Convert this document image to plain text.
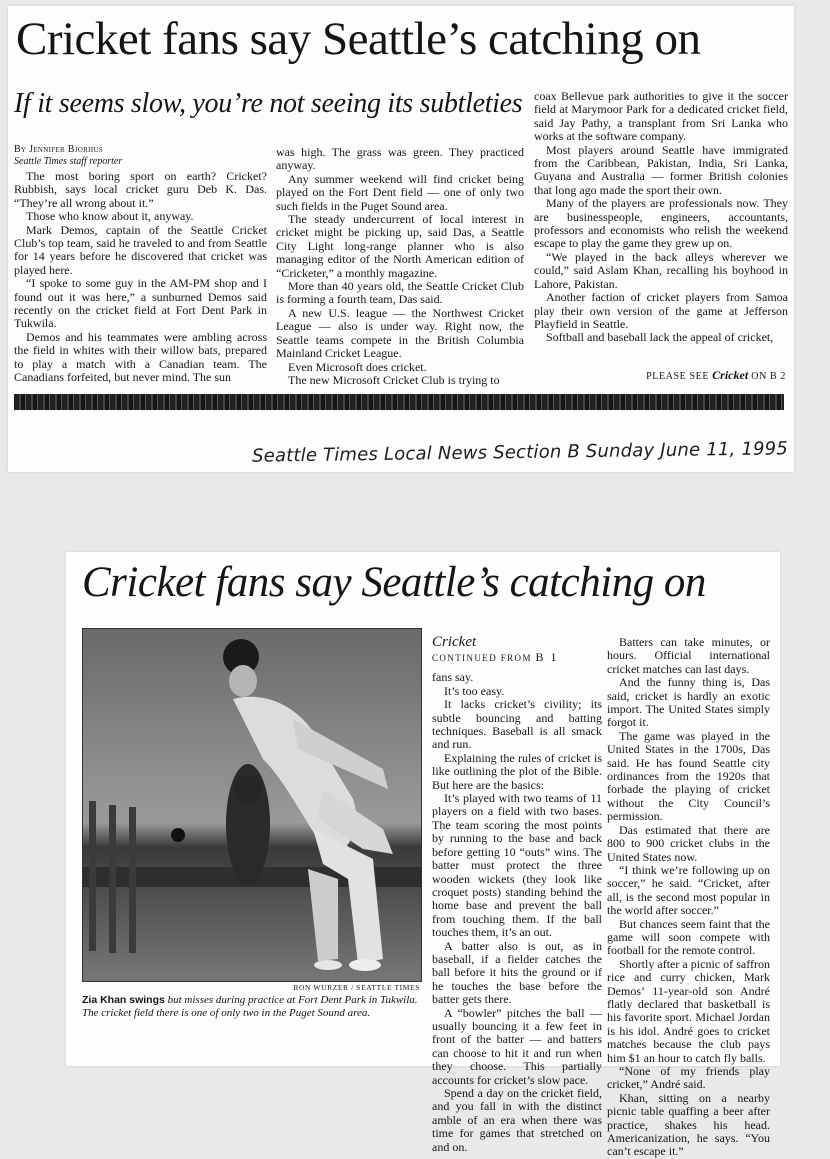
Cricket fans say Seattle’s catching on
If it seems slow, you’re not seeing its subtleties
By Jennifer Bjorhus
Seattle Times staff reporter

The most boring sport on earth? Cricket? Rubbish, says local cricket guru Deb K. Das. “They’re all wrong about it.”

Those who know about it, anyway.

Mark Demos, captain of the Seattle Cricket Club’s top team, said he traveled to and from Seattle for 14 years before he discovered that cricket was played here.

“I spoke to some guy in the AM-PM shop and I found out it was here,” a sunburned Demos said recently on the cricket field at Fort Dent Park in Tukwila.

Demos and his teammates were ambling across the field in whites with their willow bats, prepared to play a match with a Canadian team. The Canadians forfeited, but never mind. The sun

was high. The grass was green. They practiced anyway.

Any summer weekend will find cricket being played on the Fort Dent field — one of only two such fields in the Puget Sound area.

The steady undercurrent of local interest in cricket might be picking up, said Das, a Seattle City Light long-range planner who is also managing editor of the North American edition of “Cricketer,” a monthly magazine.

More than 40 years old, the Seattle Cricket Club is forming a fourth team, Das said.

A new U.S. league — the Northwest Cricket League — also is under way. Right now, the Seattle teams compete in the British Columbia Mainland Cricket League.

Even Microsoft does cricket.

The new Microsoft Cricket Club is trying to

coax Bellevue park authorities to give it the soccer field at Marymoor Park for a dedicated cricket field, said Jay Pathy, a transplant from Sri Lanka who works at the software company.

Most players around Seattle have immigrated from the Caribbean, Pakistan, India, Sri Lanka, Guyana and Australia — former British colonies that long ago made the sport their own.

Many of the players are professionals now. They are businesspeople, engineers, accountants, professors and economists who relish the weekend escape to play the game they grew up on.

“We played in the back alleys wherever we could,” said Aslam Khan, recalling his boyhood in Lahore, Pakistan.

Another faction of cricket players from Samoa play their own version of the game at Jefferson Playfield in Seattle.

Softball and baseball lack the appeal of cricket,

PLEASE SEE Cricket ON B 2
Seattle Times Local News Section B Sunday June 11, 1995
Cricket fans say Seattle’s catching on
RON WURZER / SEATTLE TIMES
Zia Khan swings but misses during practice at Fort Dent Park in Tukwila. The cricket field there is one of only two in the Puget Sound area.
Cricket
CONTINUED FROM B 1

fans say.

It’s too easy.

It lacks cricket’s civility; its subtle bouncing and batting techniques. Baseball is all smack and run.

Explaining the rules of cricket is like outlining the plot of the Bible. But here are the basics:

It’s played with two teams of 11 players on a field with two bases. The team scoring the most points by running to the base and back before getting 10 “outs” wins. The batter must protect the three wooden wickets (they look like croquet posts) standing behind the home base and prevent the ball from touching them. If the ball touches them, it’s an out.

A batter also is out, as in baseball, if a fielder catches the ball before it hits the ground or if he touches the base before the batter gets there.

A “bowler” pitches the ball — usually bouncing it a few feet in front of the batter — and batters can choose to hit it and run when they choose. This partially accounts for cricket’s slow pace.

Spend a day on the cricket field, and you fall in with the distinct amble of an era when there was time for games that stretched on and on.

Batters can take minutes, or hours. Official international cricket matches can last days.

And the funny thing is, Das said, cricket is hardly an exotic import. The United States simply forgot it.

The game was played in the United States in the 1700s, Das said. He has found Seattle city ordinances from the 1920s that forbade the playing of cricket without the City Council’s permission.

Das estimated that there are 800 to 900 cricket clubs in the United States now.

“I think we’re following up on soccer,” he said. “Cricket, after all, is the second most popular in the world after soccer.”

But chances seem faint that the game will soon compete with football for the remote control.

Shortly after a picnic of saffron rice and curry chicken, Mark Demos’ 11-year-old son André flatly declared that basketball is his favorite sport. Michael Jordan is his idol. André goes to cricket matches because the club pays him $1 an hour to catch fly balls.

“None of my friends play cricket,” André said.

Khan, sitting on a nearby picnic table quaffing a beer after practice, shakes his head. Americanization, he says. “You can’t escape it.”
